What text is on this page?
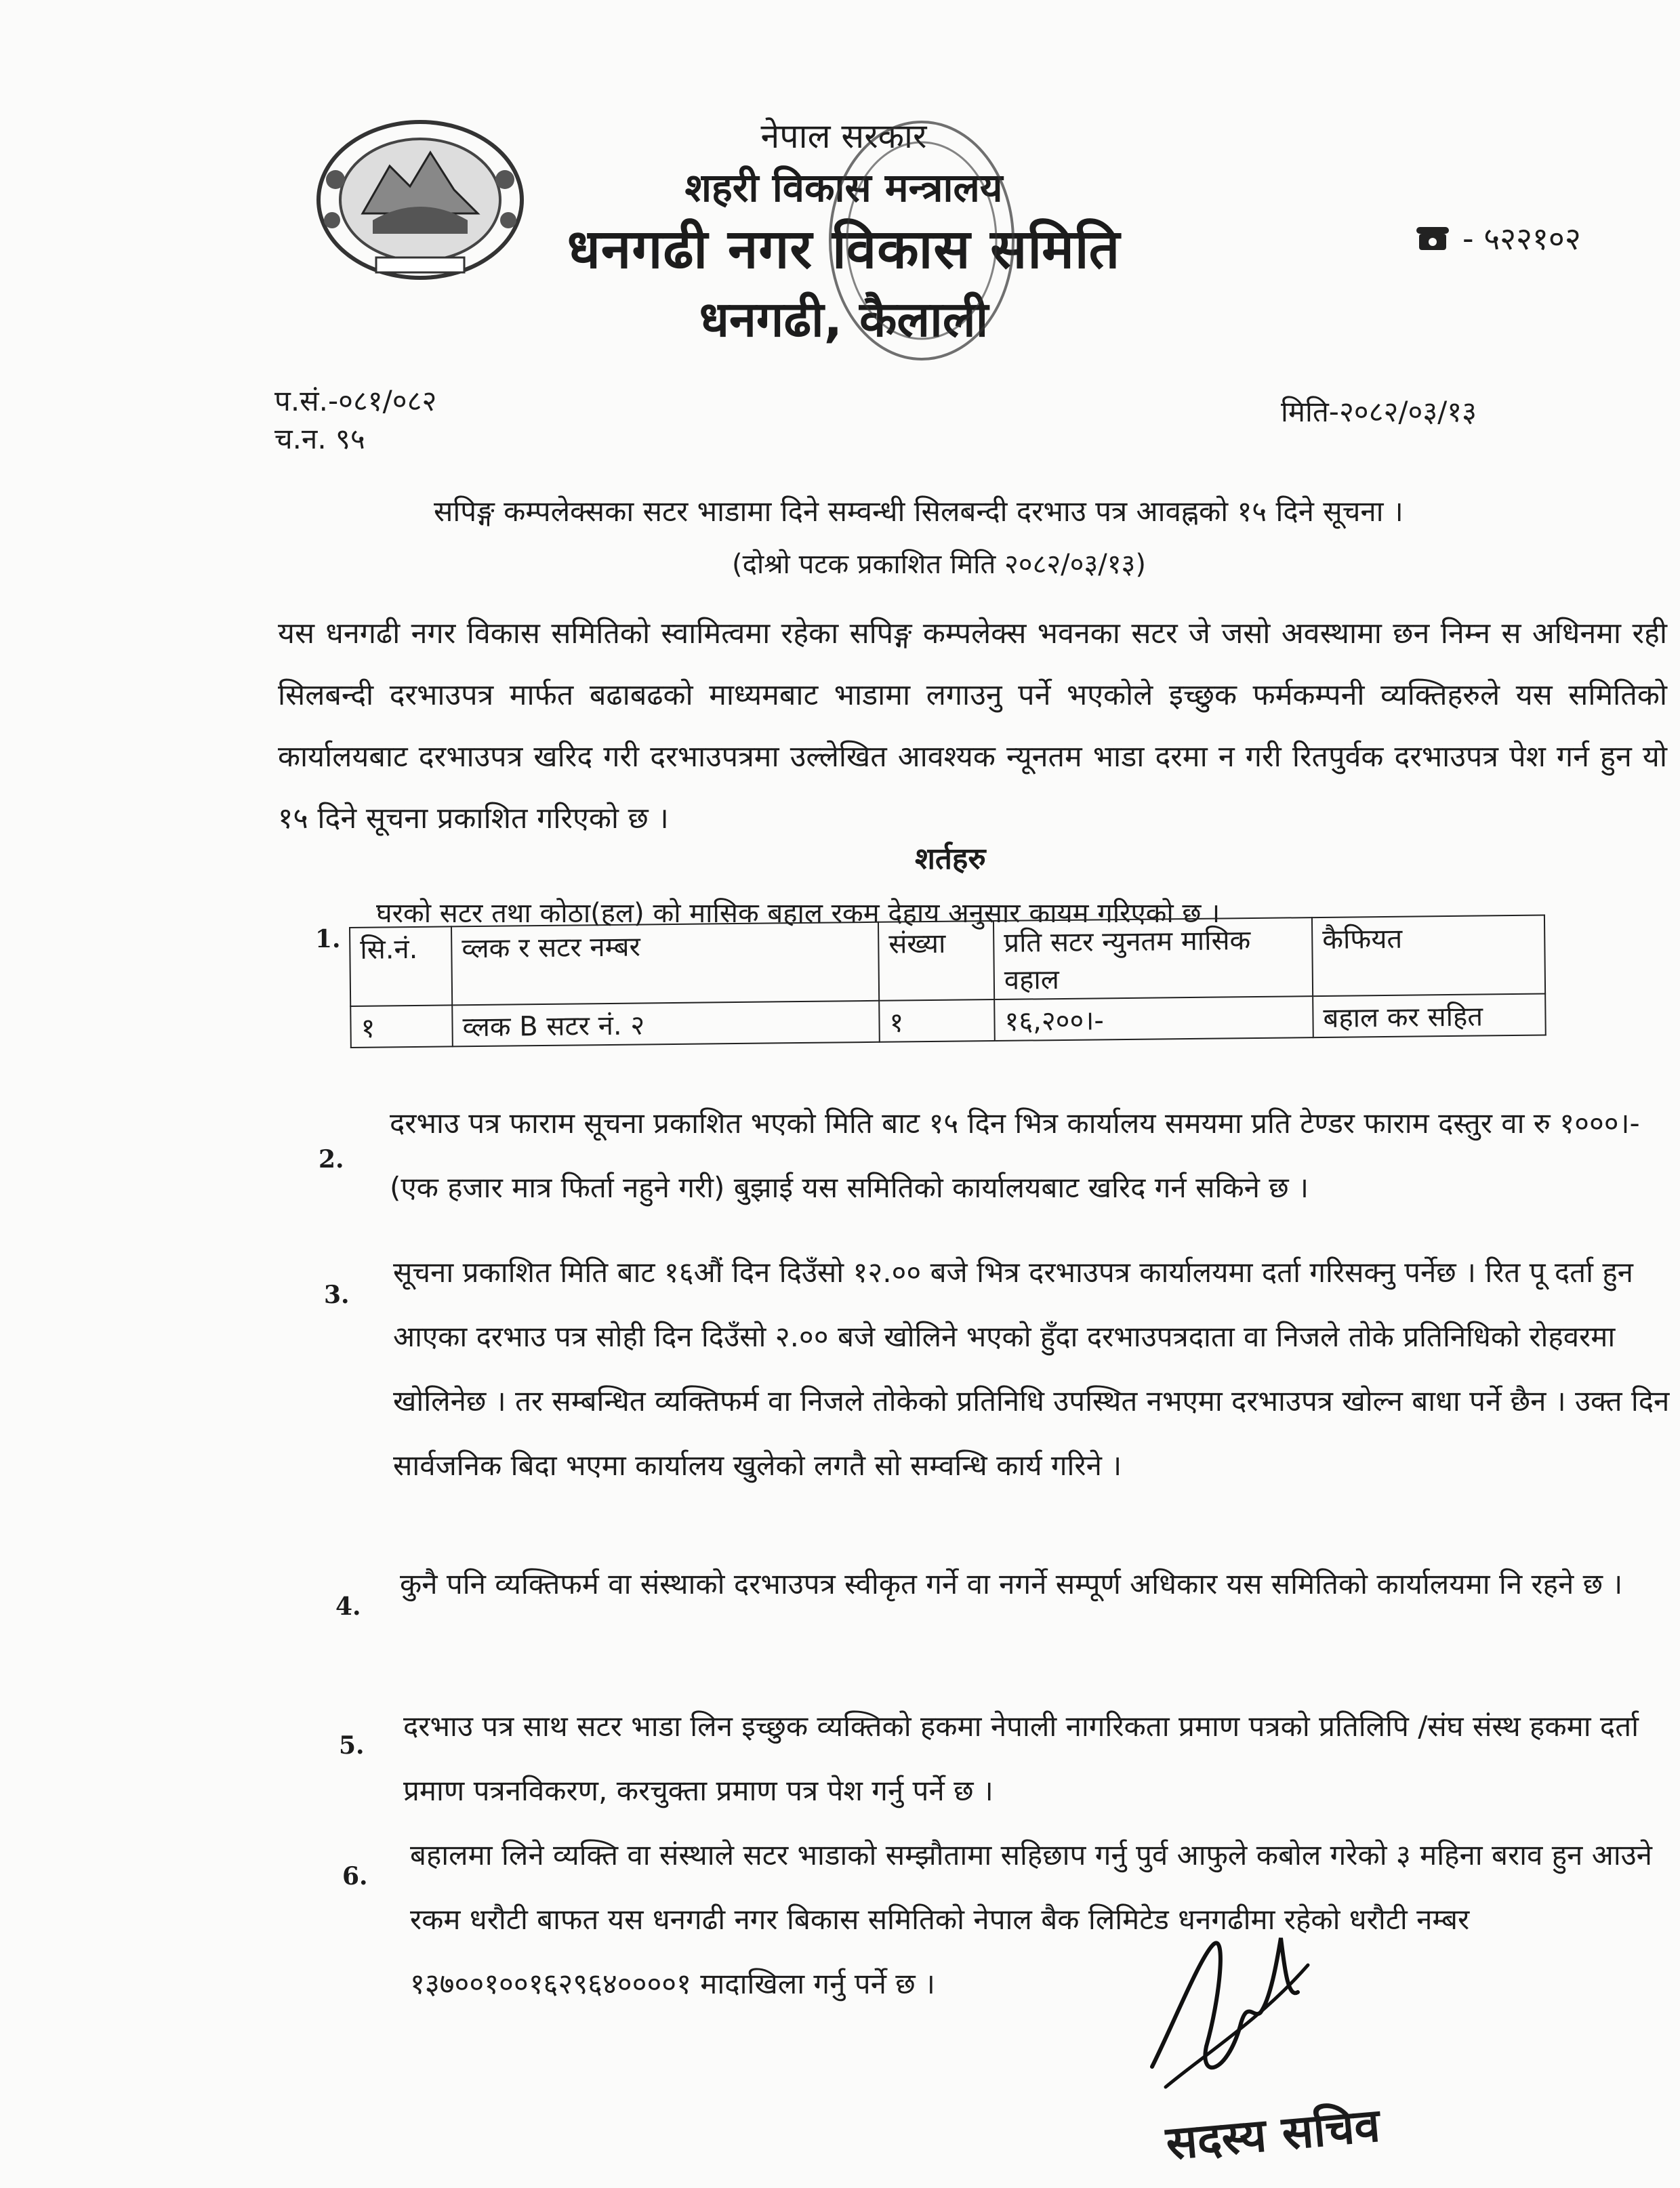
नेपाल सरकार
शहरी विकास मन्त्रालय
धनगढी नगर विकास समिति
धनगढी, कैलाली
- ५२२१०२
प.सं.-०८१/०८२
च.न. ९५
मिति-२०८२/०३/१३
सपिङ्ग कम्पलेक्सका सटर भाडामा दिने सम्वन्धी सिलबन्दी दरभाउ पत्र आवह्नको १५ दिने सूचना ।
(दोश्रो पटक प्रकाशित मिति २०८२/०३/१३)
यस धनगढी नगर विकास समितिको स्वामित्वमा रहेका सपिङ्ग कम्पलेक्स भवनका सटर जे जसो अवस्थामा छन निम्न स अधिनमा रही सिलबन्दी दरभाउपत्र मार्फत बढाबढको माध्यमबाट भाडामा लगाउनु पर्ने भएकोले इच्छुक फर्मकम्पनी व्यक्तिहरुले यस समितिको कार्यालयबाट दरभाउपत्र खरिद गरी दरभाउपत्रमा उल्लेखित आवश्यक न्यूनतम भाडा दरमा न गरी रितपुर्वक दरभाउपत्र पेश गर्न हुन यो १५ दिने सूचना प्रकाशित गरिएको छ ।
शर्तहरु
1.
घरको सटर तथा कोठा(हल) को मासिक बहाल रकम देहाय अनुसार कायम गरिएको छ ।
सि.नं.	व्लक र सटर नम्बर	संख्या	प्रति सटर न्युनतम मासिक वहाल	कैफियत
१	व्लक B सटर नं. २	१	१६,२००।-	बहाल कर सहित
2.
दरभाउ पत्र फाराम सूचना प्रकाशित भएको मिति बाट १५ दिन भित्र कार्यालय समयमा प्रति टेण्डर फाराम दस्तुर वा रु १०००।-(एक हजार मात्र फिर्ता नहुने गरी) बुझाई यस समितिको कार्यालयबाट खरिद गर्न सकिने छ ।
3.
सूचना प्रकाशित मिति बाट १६औं दिन दिउँसो १२.०० बजे भित्र दरभाउपत्र कार्यालयमा दर्ता गरिसक्नु पर्नेछ । रित पू दर्ता हुन आएका दरभाउ पत्र सोही दिन दिउँसो २.०० बजे खोलिने भएको हुँदा दरभाउपत्रदाता वा निजले तोके प्रतिनिधिको रोहवरमा खोलिनेछ । तर सम्बन्धित व्यक्तिफर्म वा निजले तोकेको प्रतिनिधि उपस्थित नभएमा दरभाउपत्र खोल्न बाधा पर्ने छैन । उक्त दिन सार्वजनिक बिदा भएमा कार्यालय खुलेको लगतै सो सम्वन्धि कार्य गरिने ।
4.
कुनै पनि व्यक्तिफर्म वा संस्थाको दरभाउपत्र स्वीकृत गर्ने वा नगर्ने सम्पूर्ण अधिकार यस समितिको कार्यालयमा नि रहने छ ।
5.
दरभाउ पत्र साथ सटर भाडा लिन इच्छुक व्यक्तिको हकमा नेपाली नागरिकता प्रमाण पत्रको प्रतिलिपि /संघ संस्थ हकमा दर्ता प्रमाण पत्रनविकरण, करचुक्ता प्रमाण पत्र पेश गर्नु पर्ने छ ।
6.
बहालमा लिने व्यक्ति वा संस्थाले सटर भाडाको सम्झौतामा सहिछाप गर्नु पुर्व आफुले कबोल गरेको ३ महिना बराव हुन आउने रकम धरौटी बाफत यस धनगढी नगर बिकास समितिको नेपाल बैक लिमिटेड धनगढीमा रहेको धरौटी नम्बर १३७००१००१६२९६४००००१ मादाखिला गर्नु पर्ने छ ।
सदस्य सचिव
